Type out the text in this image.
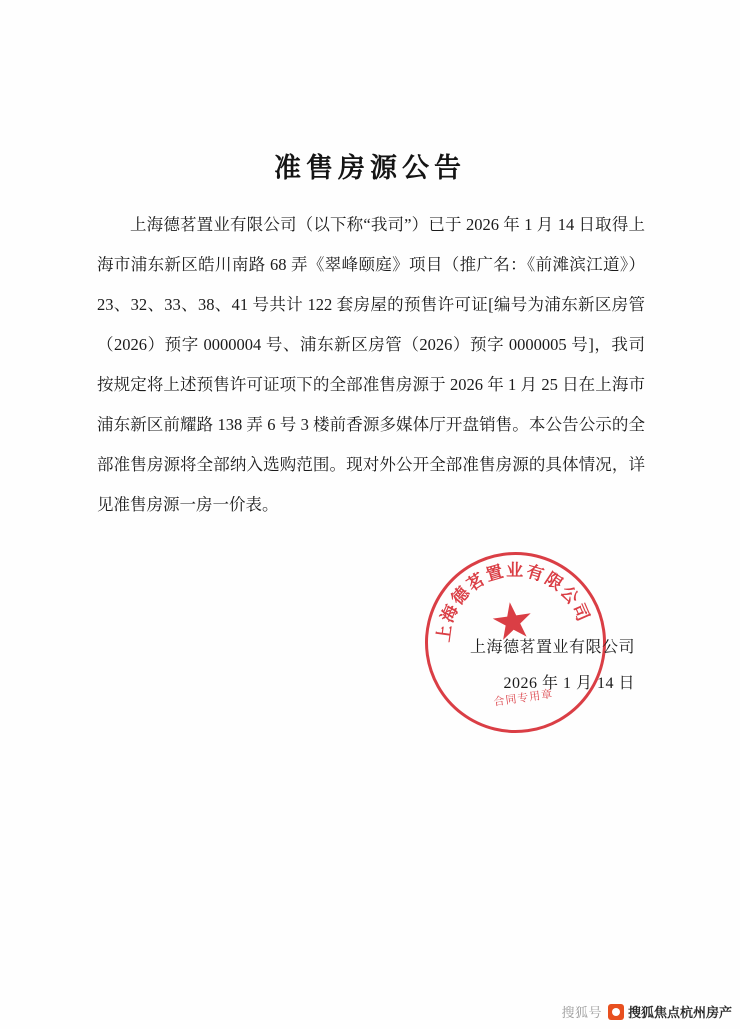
准售房源公告
上海德茗置业有限公司（以下称“我司”）已于 2026 年 1 月 14 日取得上海市浦东新区皓川南路 68 弄《翠峰颐庭》项目（推广名：《前滩滨江道》）23、32、33、38、41 号共计 122 套房屋的预售许可证[编号为浦东新区房管（2026）预字 0000004 号、浦东新区房管（2026）预字 0000005 号]，我司按规定将上述预售许可证项下的全部准售房源于 2026 年 1 月 25 日在上海市浦东新区前耀路 138 弄 6 号 3 楼前香源多媒体厅开盘销售。本公告公示的全部准售房源将全部纳入选购范围。现对外公开全部准售房源的具体情况，详见准售房源一房一价表。
上海德茗置业有限公司
★
合同专用章
上海德茗置业有限公司
2026 年 1 月 14 日
搜狐号 搜狐焦点杭州房产
